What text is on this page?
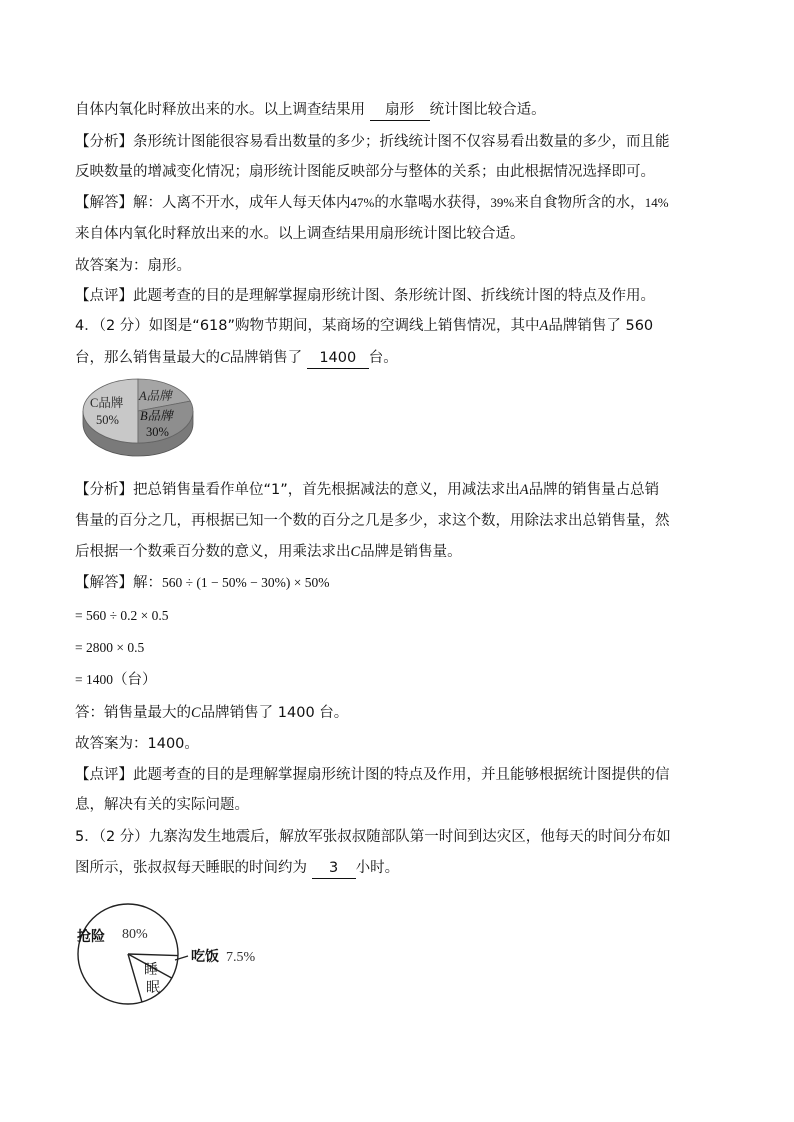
自体内氧化时释放出来的水。以上调查结果用 扇形 统计图比较合适。
【分析】条形统计图能很容易看出数量的多少；折线统计图不仅容易看出数量的多少，而且能
反映数量的增减变化情况；扇形统计图能反映部分与整体的关系；由此根据情况选择即可。
【解答】解：人离不开水，成年人每天体内47%的水靠喝水获得，39%来自食物所含的水，14%
来自体内氧化时释放出来的水。以上调查结果用扇形统计图比较合适。
故答案为：扇形。
【点评】此题考查的目的是理解掌握扇形统计图、条形统计图、折线统计图的特点及作用。
4．（2 分）如图是“618”购物节期间，某商场的空调线上销售情况，其中A品牌销售了 560
台，那么销售量最大的C品牌销售了 1400 台。
C品牌
50%
A品牌
B品牌
30%
【分析】把总销售量看作单位“1”，首先根据减法的意义，用减法求出A品牌的销售量占总销
售量的百分之几，再根据已知一个数的百分之几是多少，求这个数，用除法求出总销售量，然
后根据一个数乘百分数的意义，用乘法求出C品牌是销售量。
【解答】解：560 ÷ (1 − 50% − 30%) × 50%
= 560 ÷ 0.2 × 0.5
= 2800 × 0.5
= 1400（台）
答：销售量最大的C品牌销售了 1400 台。
故答案为：1400。
【点评】此题考查的目的是理解掌握扇形统计图的特点及作用，并且能够根据统计图提供的信
息，解决有关的实际问题。
5．（2 分）九寨沟发生地震后，解放军张叔叔随部队第一时间到达灾区，他每天的时间分布如
图所示，张叔叔每天睡眠的时间约为 3 小时。
抢险 80%
睡
眠
吃饭 7.5%
